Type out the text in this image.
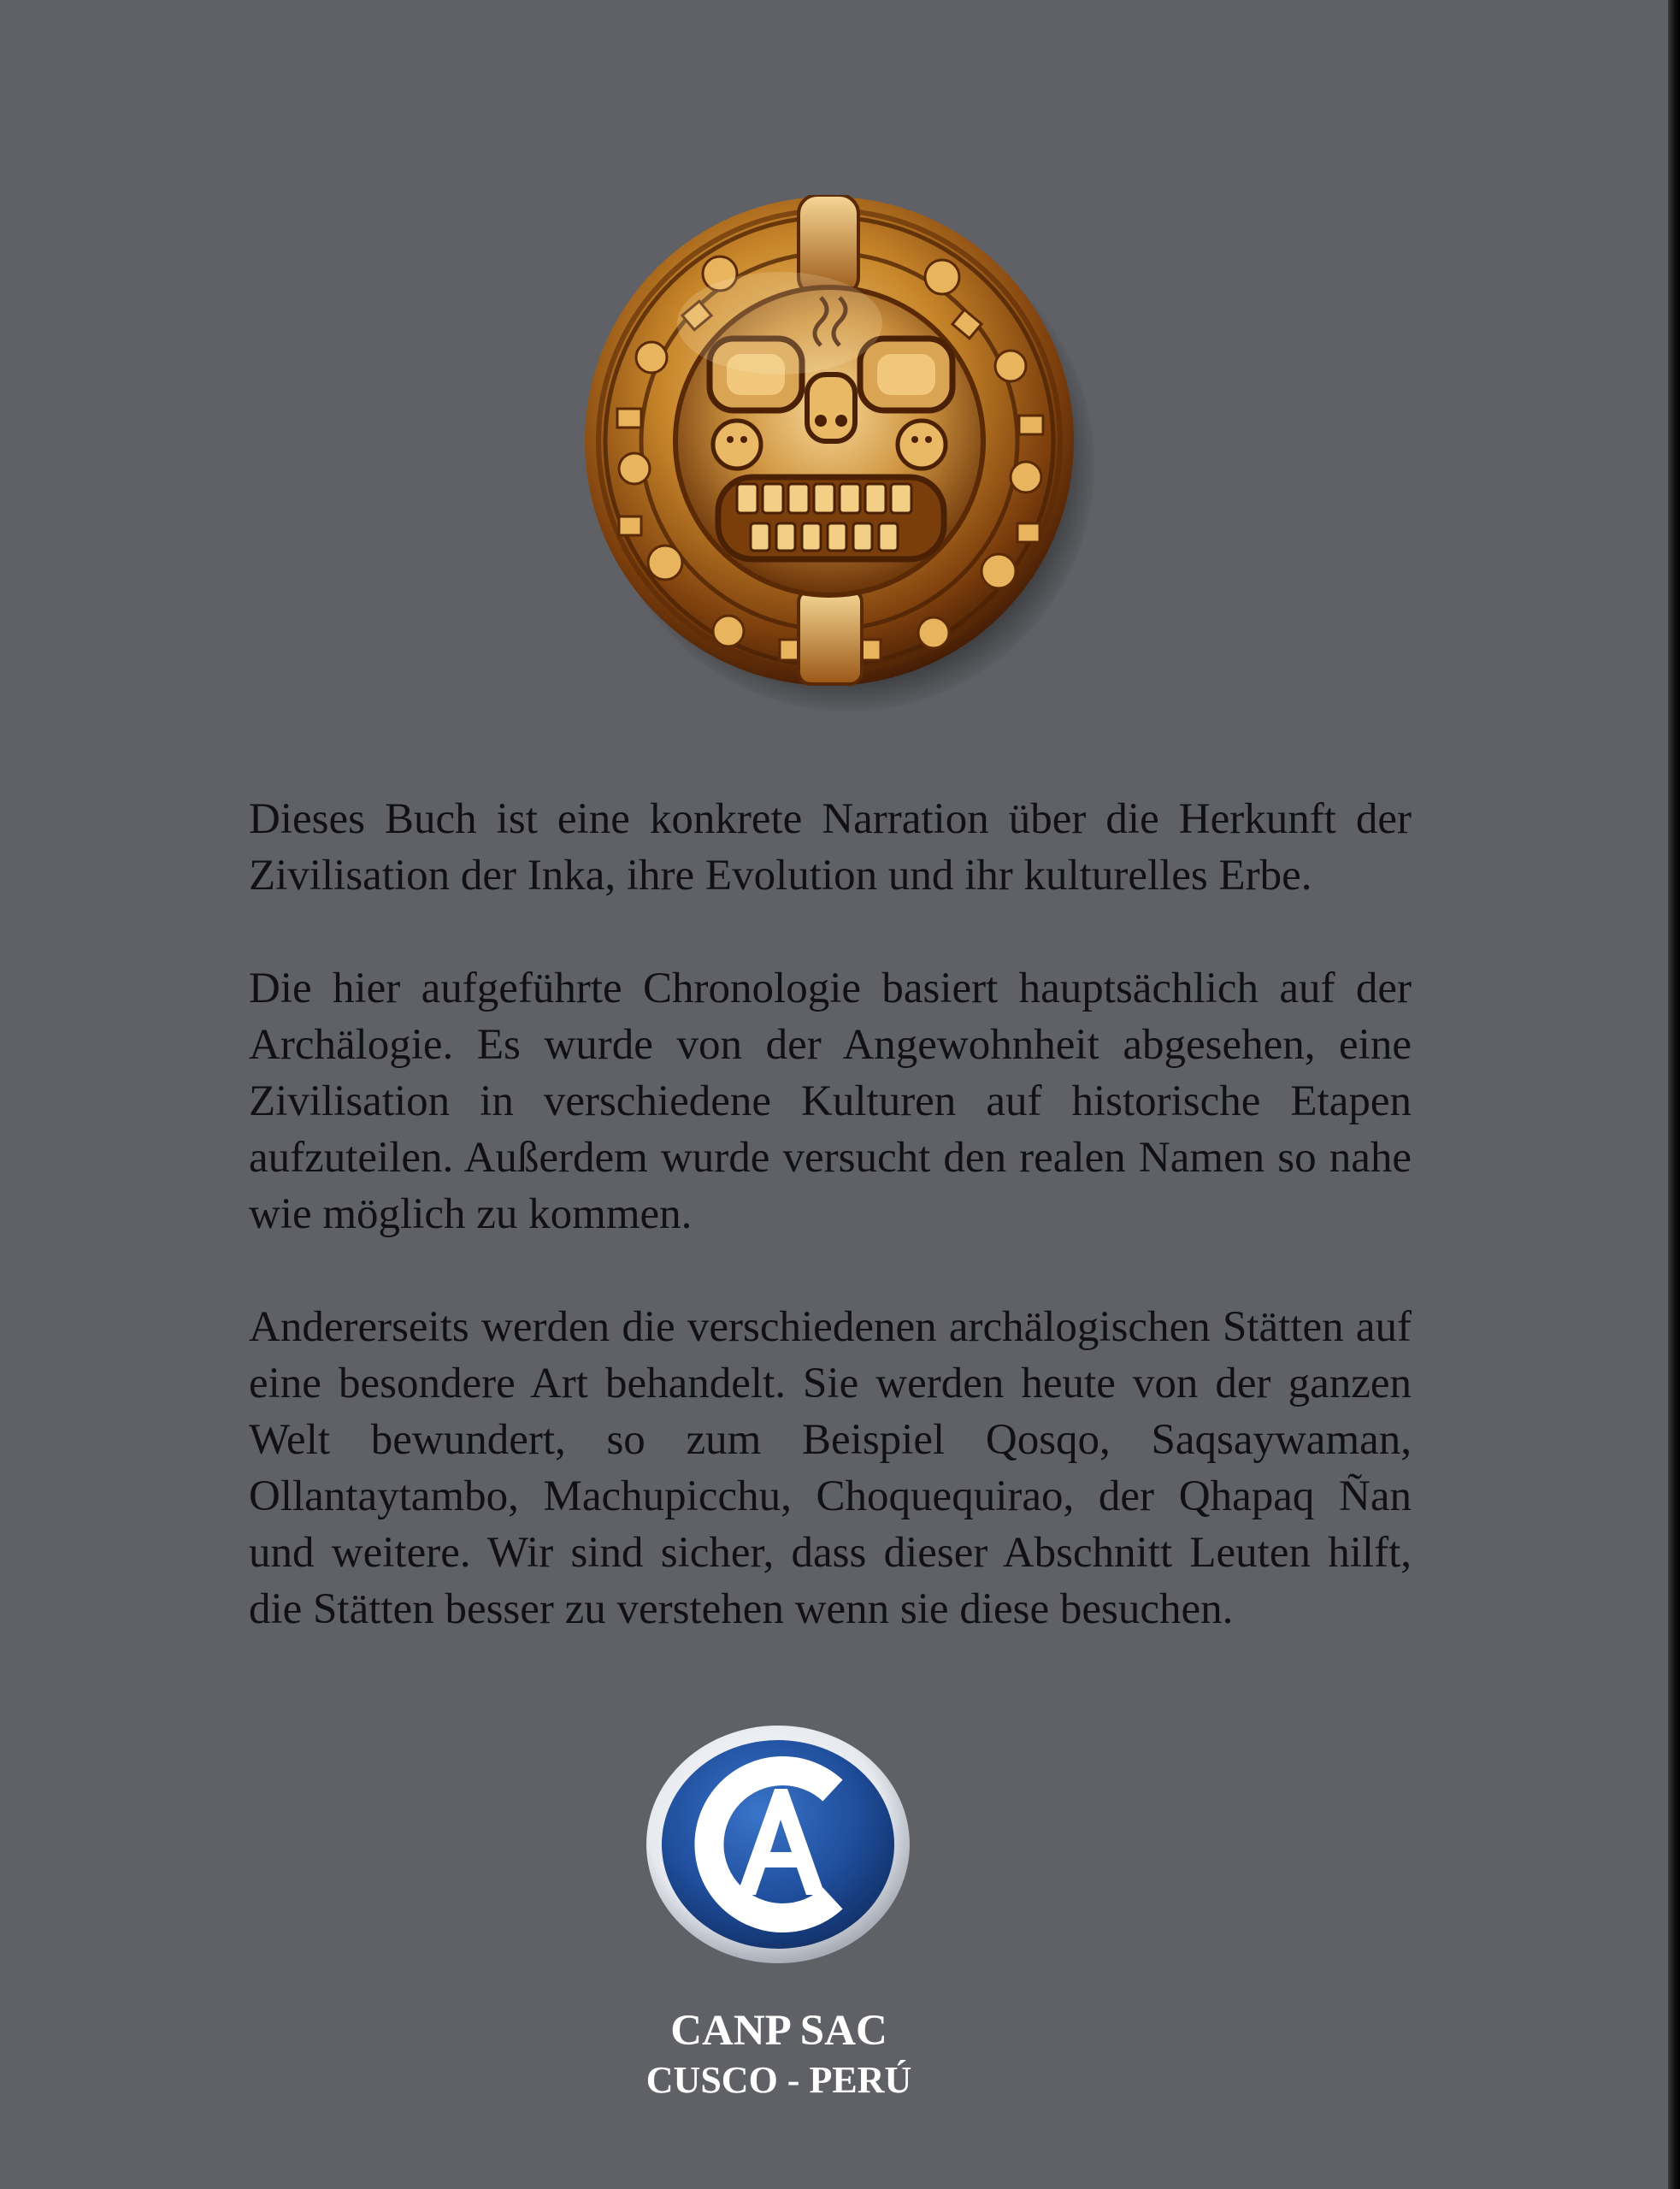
Dieses Buch ist eine konkrete Narration über die Herkunft der Zivilisation der Inka, ihre Evolution und ihr kulturelles Erbe.

Die hier aufgeführte Chronologie basiert hauptsächlich auf der Archälogie. Es wurde von der Angewohnheit abgesehen, eine Zivilisation in verschiedene Kulturen auf historische Etapen aufzuteilen. Außerdem wurde versucht den realen Namen so nahe wie möglich zu kommen.

Andererseits werden die verschiedenen archälogischen Stätten auf eine besondere Art behandelt. Sie werden heute von der ganzen Welt bewundert, so zum Beispiel Qosqo, Saqsaywaman, Ollantaytambo, Machupicchu, Choquequirao, der Qhapaq Ñan und weitere. Wir sind sicher, dass dieser Abschnitt Leuten hilft, die Stätten besser zu verstehen wenn sie diese besuchen.

CANP SAC
CUSCO - PERÚ
